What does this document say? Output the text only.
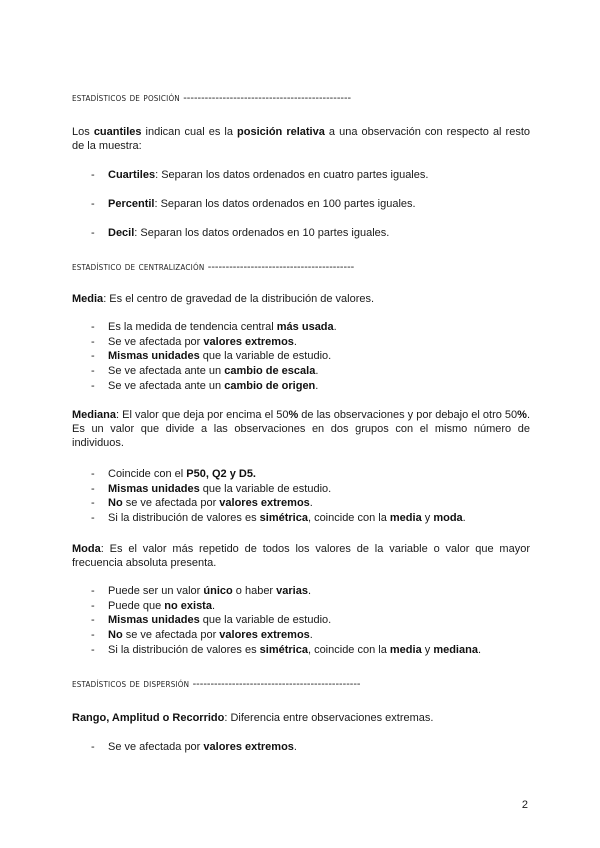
estadísticos de posición -----------------------------------------------
Los cuantiles indican cual es la posición relativa a una observación con respecto al resto de la muestra:
- Cuartiles: Separan los datos ordenados en cuatro partes iguales.
- Percentil: Separan los datos ordenados en 100 partes iguales.
- Decil: Separan los datos ordenados en 10 partes iguales.
estadístico de centralización -----------------------------------------
Media: Es el centro de gravedad de la distribución de valores.
- Es la medida de tendencia central más usada.
- Se ve afectada por valores extremos.
- Mismas unidades que la variable de estudio.
- Se ve afectada ante un cambio de escala.
- Se ve afectada ante un cambio de origen.
Mediana: El valor que deja por encima el 50% de las observaciones y por debajo el otro 50%. Es un valor que divide a las observaciones en dos grupos con el mismo número de individuos.
- Coincide con el P50, Q2 y D5.
- Mismas unidades que la variable de estudio.
- No se ve afectada por valores extremos.
- Si la distribución de valores es simétrica, coincide con la media y moda.
Moda: Es el valor más repetido de todos los valores de la variable o valor que mayor frecuencia absoluta presenta.
- Puede ser un valor único o haber varias.
- Puede que no exista.
- Mismas unidades que la variable de estudio.
- No se ve afectada por valores extremos.
- Si la distribución de valores es simétrica, coincide con la media y mediana.
estadísticos de dispersión -----------------------------------------------
Rango, Amplitud o Recorrido: Diferencia entre observaciones extremas.
- Se ve afectada por valores extremos.
2
